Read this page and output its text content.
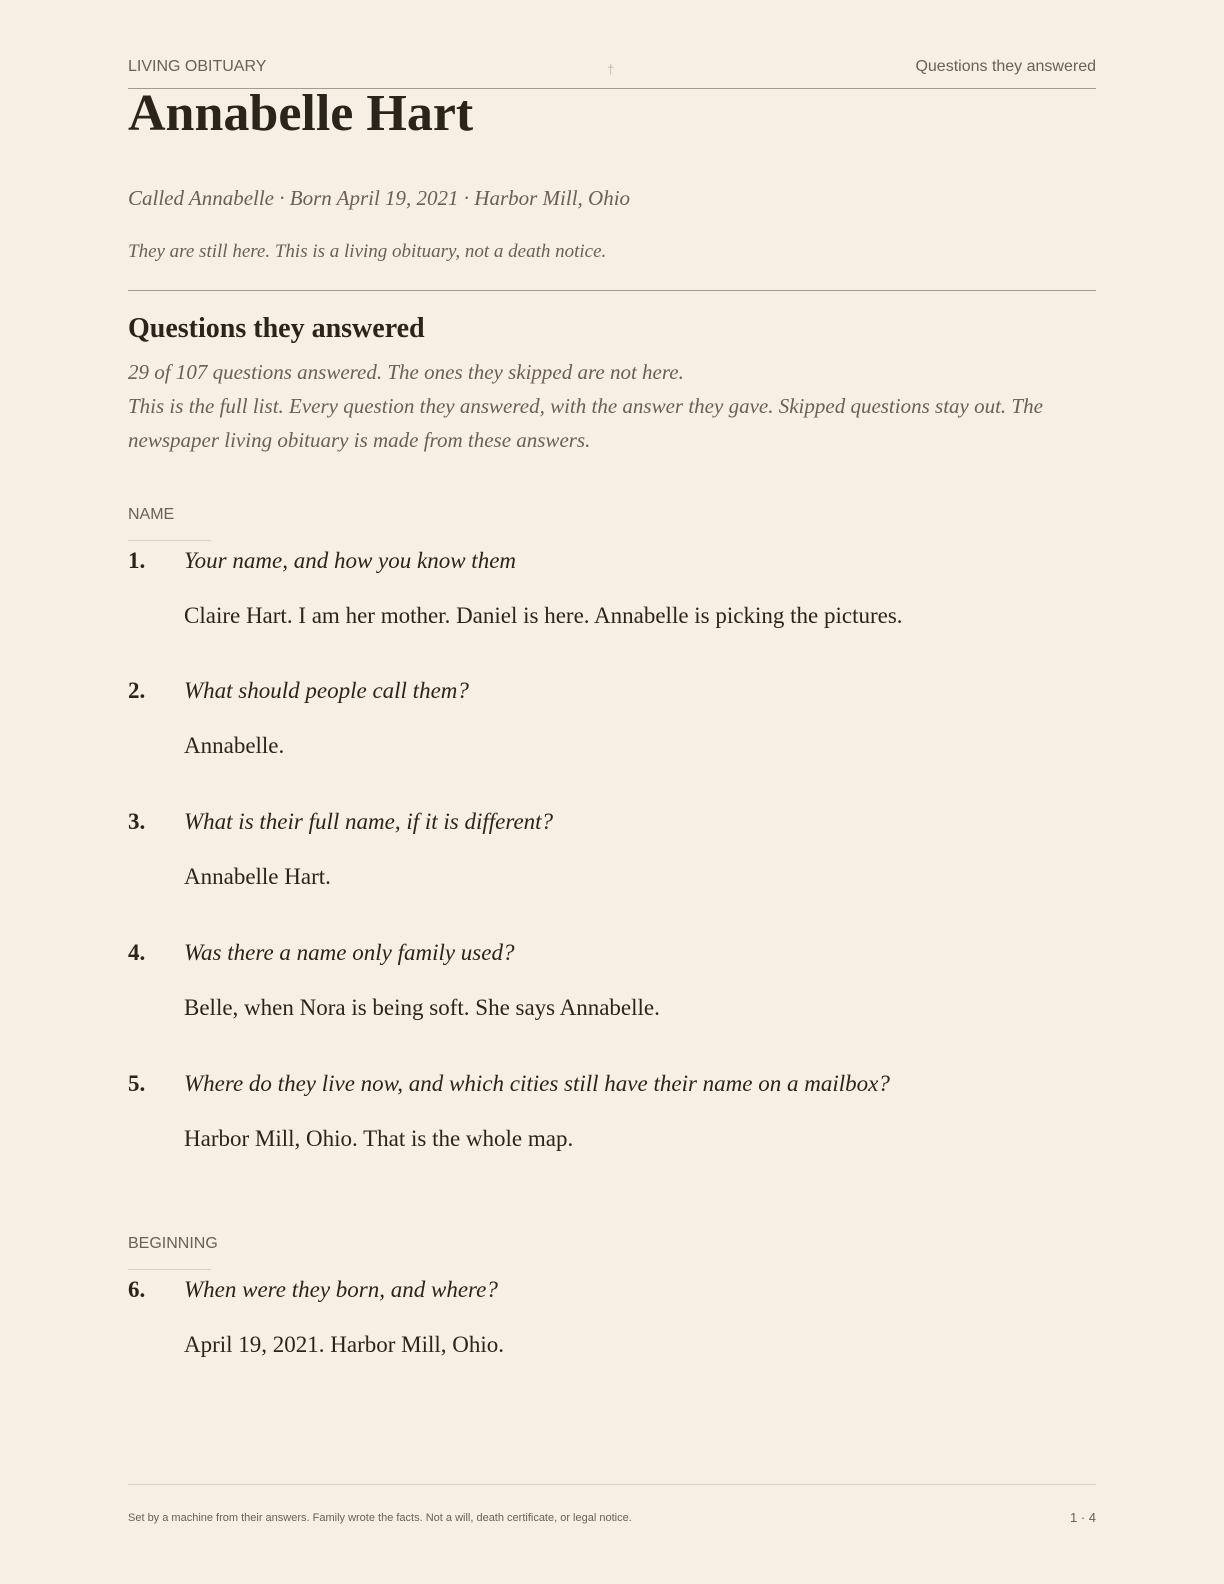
LIVING OBITUARY	†	Questions they answered
Annabelle Hart
Called Annabelle · Born April 19, 2021 · Harbor Mill, Ohio
They are still here. This is a living obituary, not a death notice.
Questions they answered
29 of 107 questions answered. The ones they skipped are not here.
This is the full list. Every question they answered, with the answer they gave. Skipped questions stay out. The newspaper living obituary is made from these answers.
NAME
1. Your name, and how you know them
Claire Hart. I am her mother. Daniel is here. Annabelle is picking the pictures.
2. What should people call them?
Annabelle.
3. What is their full name, if it is different?
Annabelle Hart.
4. Was there a name only family used?
Belle, when Nora is being soft. She says Annabelle.
5. Where do they live now, and which cities still have their name on a mailbox?
Harbor Mill, Ohio. That is the whole map.
BEGINNING
6. When were they born, and where?
April 19, 2021. Harbor Mill, Ohio.
Set by a machine from their answers. Family wrote the facts. Not a will, death certificate, or legal notice.	1 · 4
